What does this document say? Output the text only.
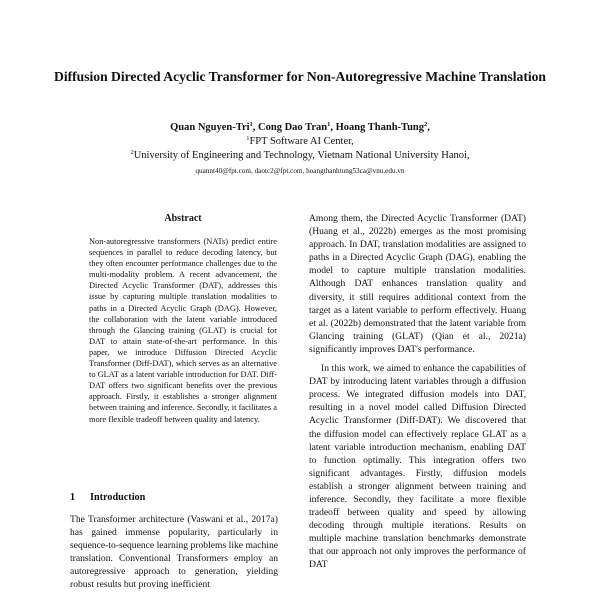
Diffusion Directed Acyclic Transformer for Non-Autoregressive Machine Translation
Quan Nguyen-Tri$^1$, Cong Dao Tran$^1$, Hoang Thanh-Tung$^2$,
$^1$FPT Software AI Center,
$^2$University of Engineering and Technology, Vietnam National University Hanoi,
quannt40@fpt.com, daotc2@fpt.com, hoangthanhtung53ca@vnu.edu.vn
Abstract

Non-autoregressive transformers (NATs) predict entire sequences in parallel to reduce decoding latency, but they often encounter performance challenges due to the multi-modality problem. A recent advancement, the Directed Acyclic Transformer (DAT), addresses this issue by capturing multiple translation modalities to paths in a Directed Acyclic Graph (DAG). However, the collaboration with the latent variable introduced through the Glancing training (GLAT) is crucial for DAT to attain state-of-the-art performance. In this paper, we introduce Diffusion Directed Acyclic Transformer (Diff-DAT), which serves as an alternative to GLAT as a latent variable introduction for DAT. Diff-DAT offers two significant benefits over the previous approach. Firstly, it establishes a stronger alignment between training and inference. Secondly, it facilitates a more flexible tradeoff between quality and latency.

1 Introduction

The Transformer architecture (Vaswani et al., 2017a) has gained immense popularity, particularly in sequence-to-sequence learning problems like machine translation. Conventional Transformers employ an autoregressive approach to generation, yielding robust results but proving inefficient

Among them, the Directed Acyclic Transformer (DAT) (Huang et al., 2022b) emerges as the most promising approach. In DAT, translation modalities are assigned to paths in a Directed Acyclic Graph (DAG), enabling the model to capture multiple translation modalities. Although DAT enhances translation quality and diversity, it still requires additional context from the target as a latent variable to perform effectively. Huang et al. (2022b) demonstrated that the latent variable from Glancing training (GLAT) (Qian et al., 2021a) significantly improves DAT's performance.

In this work, we aimed to enhance the capabilities of DAT by introducing latent variables through a diffusion process. We integrated diffusion models into DAT, resulting in a novel model called Diffusion Directed Acyclic Transformer (Diff-DAT). We discovered that the diffusion model can effectively replace GLAT as a latent variable introduction mechanism, enabling DAT to function optimally. This integration offers two significant advantages. Firstly, diffusion models establish a stronger alignment between training and inference. Secondly, they facilitate a more flexible tradeoff between quality and speed by allowing decoding through multiple iterations. Results on multiple machine translation benchmarks demonstrate that our approach not only improves the performance of DAT
